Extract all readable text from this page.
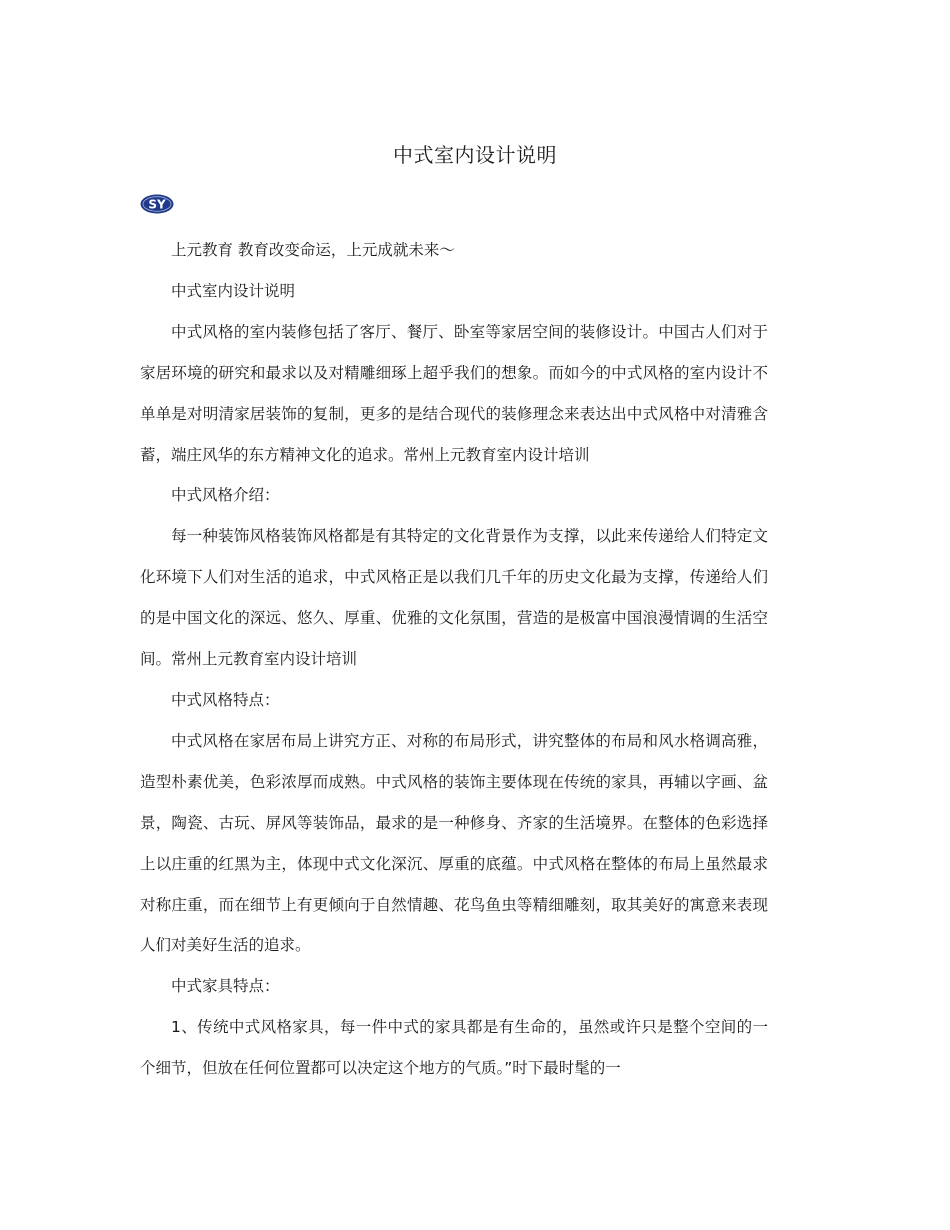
中式室内设计说明
SY

上元教育 教育改变命运，上元成就未来～

中式室内设计说明

中式风格的室内装修包括了客厅、餐厅、卧室等家居空间的装修设计。中国古人们对于家居环境的研究和最求以及对精雕细琢上超乎我们的想象。而如今的中式风格的室内设计不单单是对明清家居装饰的复制，更多的是结合现代的装修理念来表达出中式风格中对清雅含蓄，端庄风华的东方精神文化的追求。常州上元教育室内设计培训

中式风格介绍：

每一种装饰风格装饰风格都是有其特定的文化背景作为支撑，以此来传递给人们特定文化环境下人们对生活的追求，中式风格正是以我们几千年的历史文化最为支撑，传递给人们的是中国文化的深远、悠久、厚重、优雅的文化氛围，营造的是极富中国浪漫情调的生活空间。常州上元教育室内设计培训

中式风格特点：

中式风格在家居布局上讲究方正、对称的布局形式，讲究整体的布局和风水格调高雅，造型朴素优美，色彩浓厚而成熟。中式风格的装饰主要体现在传统的家具，再辅以字画、盆景，陶瓷、古玩、屏风等装饰品，最求的是一种修身、齐家的生活境界。在整体的色彩选择上以庄重的红黑为主，体现中式文化深沉、厚重的底蕴。中式风格在整体的布局上虽然最求对称庄重，而在细节上有更倾向于自然情趣、花鸟鱼虫等精细雕刻，取其美好的寓意来表现人们对美好生活的追求。

中式家具特点：

1、传统中式风格家具，每一件中式的家具都是有生命的，虽然或许只是整个空间的一个细节，但放在任何位置都可以决定这个地方的气质。”时下最时髦的一
